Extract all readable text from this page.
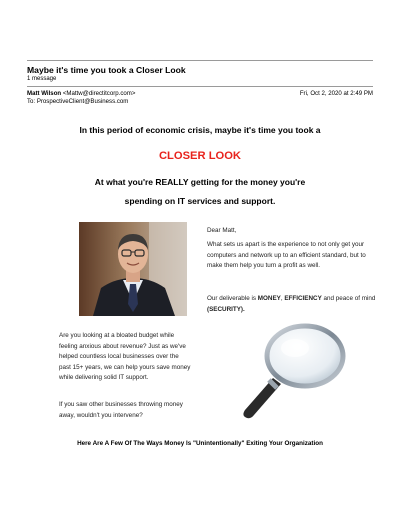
Maybe it's time you took a Closer Look
1 message
Matt Wilson <Mattw@directitcorp.com>	Fri, Oct 2, 2020 at 2:49 PM
To: ProspectiveClient@Business.com
In this period of economic crisis, maybe it's time you took a
CLOSER LOOK
At what you're REALLY getting for the money you're
spending on IT services and support.

Dear Matt,

What sets us apart is the experience to not only get your computers and network up to an efficient standard, but to make them help you turn a profit as well.

Our deliverable is MONEY, EFFICIENCY and peace of mind (SECURITY).

Are you looking at a bloated budget while feeling anxious about revenue? Just as we've helped countless local businesses over the past 15+ years, we can help yours save money while delivering solid IT support.

If you saw other businesses throwing money away, wouldn't you intervene?

Here Are A Few Of The Ways Money Is "Unintentionally" Exiting Your Organization
